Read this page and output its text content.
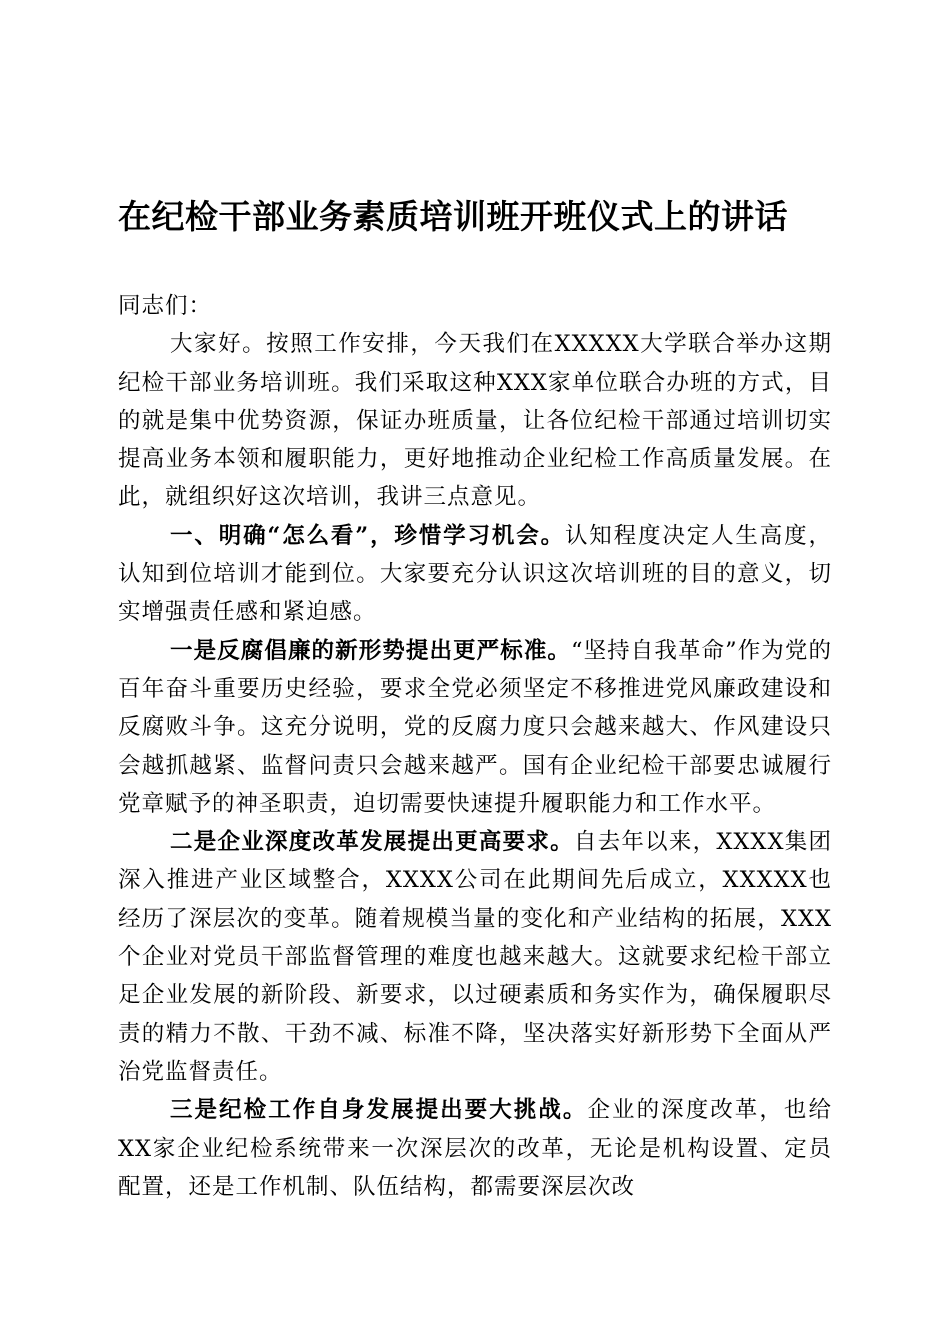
在纪检干部业务素质培训班开班仪式上的讲话

同志们：

大家好。按照工作安排，今天我们在XXXXX大学联合举办这期纪检干部业务培训班。我们采取这种XXX家单位联合办班的方式，目的就是集中优势资源，保证办班质量，让各位纪检干部通过培训切实提高业务本领和履职能力，更好地推动企业纪检工作高质量发展。在此，就组织好这次培训，我讲三点意见。

一、明确“怎么看”，珍惜学习机会。认知程度决定人生高度，认知到位培训才能到位。大家要充分认识这次培训班的目的意义，切实增强责任感和紧迫感。

一是反腐倡廉的新形势提出更严标准。“坚持自我革命”作为党的百年奋斗重要历史经验，要求全党必须坚定不移推进党风廉政建设和反腐败斗争。这充分说明，党的反腐力度只会越来越大、作风建设只会越抓越紧、监督问责只会越来越严。国有企业纪检干部要忠诚履行党章赋予的神圣职责，迫切需要快速提升履职能力和工作水平。

二是企业深度改革发展提出更高要求。自去年以来，XXXX集团深入推进产业区域整合，XXXX公司在此期间先后成立，XXXXX也经历了深层次的变革。随着规模当量的变化和产业结构的拓展，XXX个企业对党员干部监督管理的难度也越来越大。这就要求纪检干部立足企业发展的新阶段、新要求，以过硬素质和务实作为，确保履职尽责的精力不散、干劲不减、标准不降，坚决落实好新形势下全面从严治党监督责任。

三是纪检工作自身发展提出要大挑战。企业的深度改革，也给XX家企业纪检系统带来一次深层次的改革，无论是机构设置、定员配置，还是工作机制、队伍结构，都需要深层次改
